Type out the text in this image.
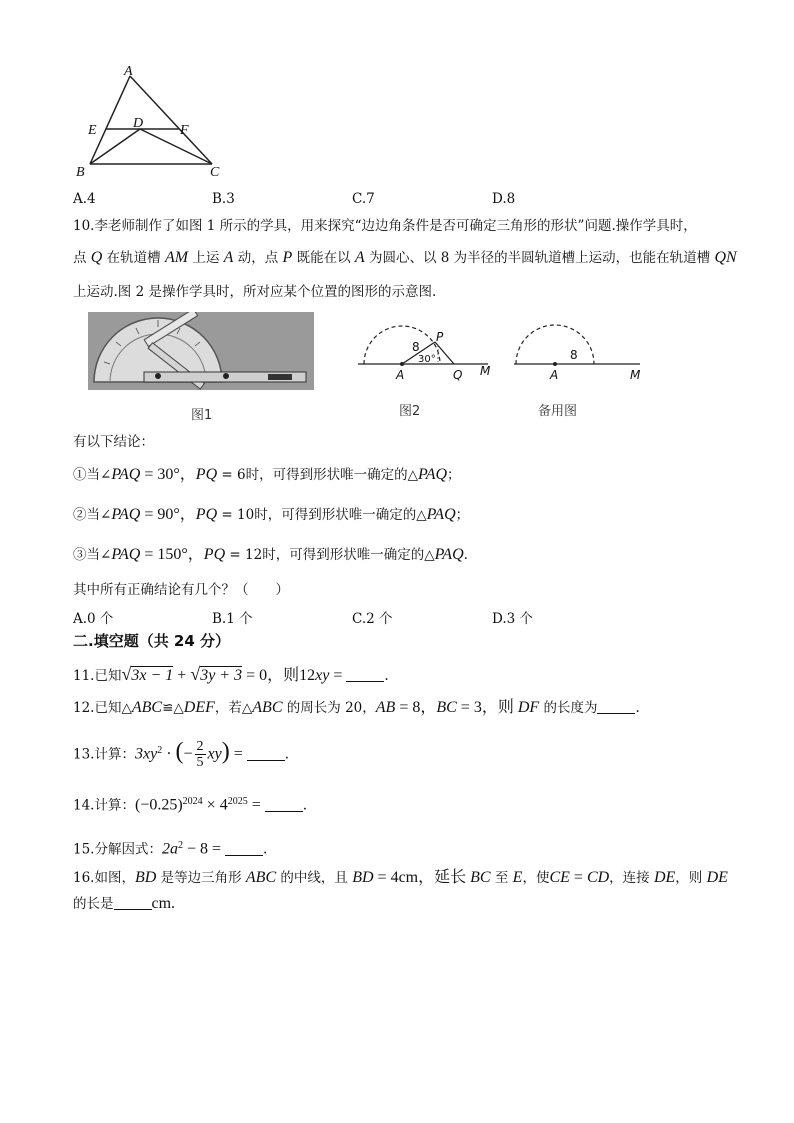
A
E	D	F
B	C
A.4	B.3	C.7	D.8
10.李老师制作了如图 1 所示的学具，用来探究“边边角条件是否可确定三角形的形状”问题.操作学具时，
点 Q 在轨道槽 AM 上运 A 动，点 P 既能在以 A 为圆心、以 8 为半径的半圆轨道槽上运动，也能在轨道槽 QN
上运动.图 2 是操作学具时，所对应某个位置的图形的示意图.
图1
P
8
30°
A	Q M
图2
8
A	M
备用图
有以下结论：
①当∠PAQ = 30°，PQ = 6时，可得到形状唯一确定的△PAQ；
②当∠PAQ = 90°，PQ = 10时，可得到形状唯一确定的△PAQ；
③当∠PAQ = 150°，PQ = 12时，可得到形状唯一确定的△PAQ.
其中所有正确结论有几个？（　　）
A.0 个	B.1 个	C.2 个	D.3 个
二.填空题（共 24 分）
11.已知√3x − 1 + √3y + 3 = 0，则12xy =	.
12.已知△ABC≌△DEF，若△ABC 的周长为 20，AB = 8，BC = 3，则 DF 的长度为	.
13.计算：$3xy^2$ · (− $\frac{2}{5} xy$) =	.
14.计算：$(-0.25)^{2024} \times 4^{2025}$ =	.
15.分解因式：$2a^2 - 8$ =	.
16.如图，BD 是等边三角形 ABC 的中线，且 BD = 4cm，延长 BC 至 E，使CE = CD，连接 DE，则 DE
的长是 cm.
